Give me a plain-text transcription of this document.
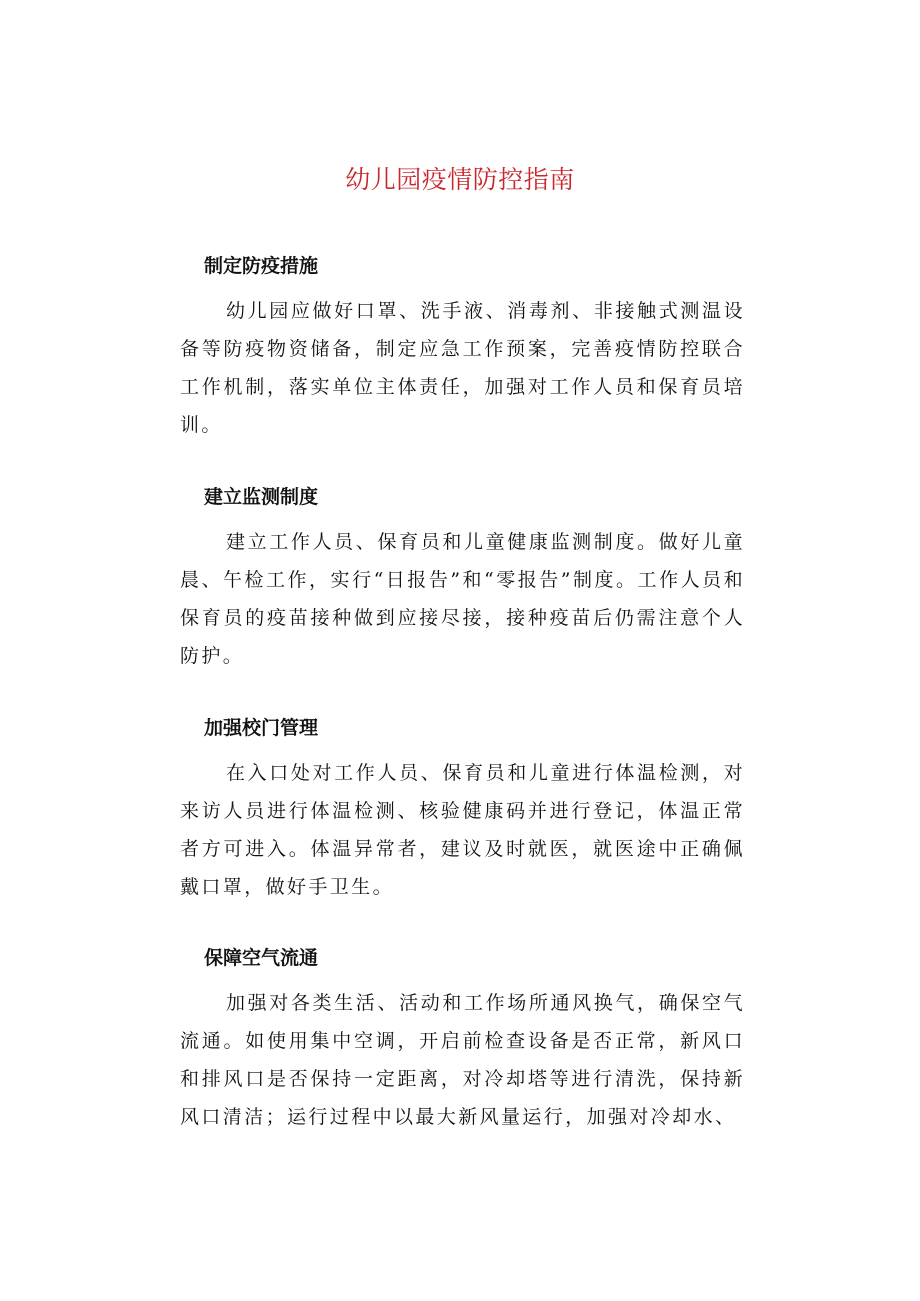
幼儿园疫情防控指南
制定防疫措施
幼儿园应做好口罩、洗手液、消毒剂、非接触式测温设备等防疫物资储备，制定应急工作预案，完善疫情防控联合工作机制，落实单位主体责任，加强对工作人员和保育员培训。
建立监测制度
建立工作人员、保育员和儿童健康监测制度。做好儿童晨、午检工作，实行“日报告”和“零报告”制度。工作人员和保育员的疫苗接种做到应接尽接，接种疫苗后仍需注意个人防护。
加强校门管理
在入口处对工作人员、保育员和儿童进行体温检测，对来访人员进行体温检测、核验健康码并进行登记，体温正常者方可进入。体温异常者，建议及时就医，就医途中正确佩戴口罩，做好手卫生。
保障空气流通
加强对各类生活、活动和工作场所通风换气，确保空气流通。如使用集中空调，开启前检查设备是否正常，新风口和排风口是否保持一定距离，对冷却塔等进行清洗，保持新风口清洁；运行过程中以最大新风量运行，加强对冷却水、
